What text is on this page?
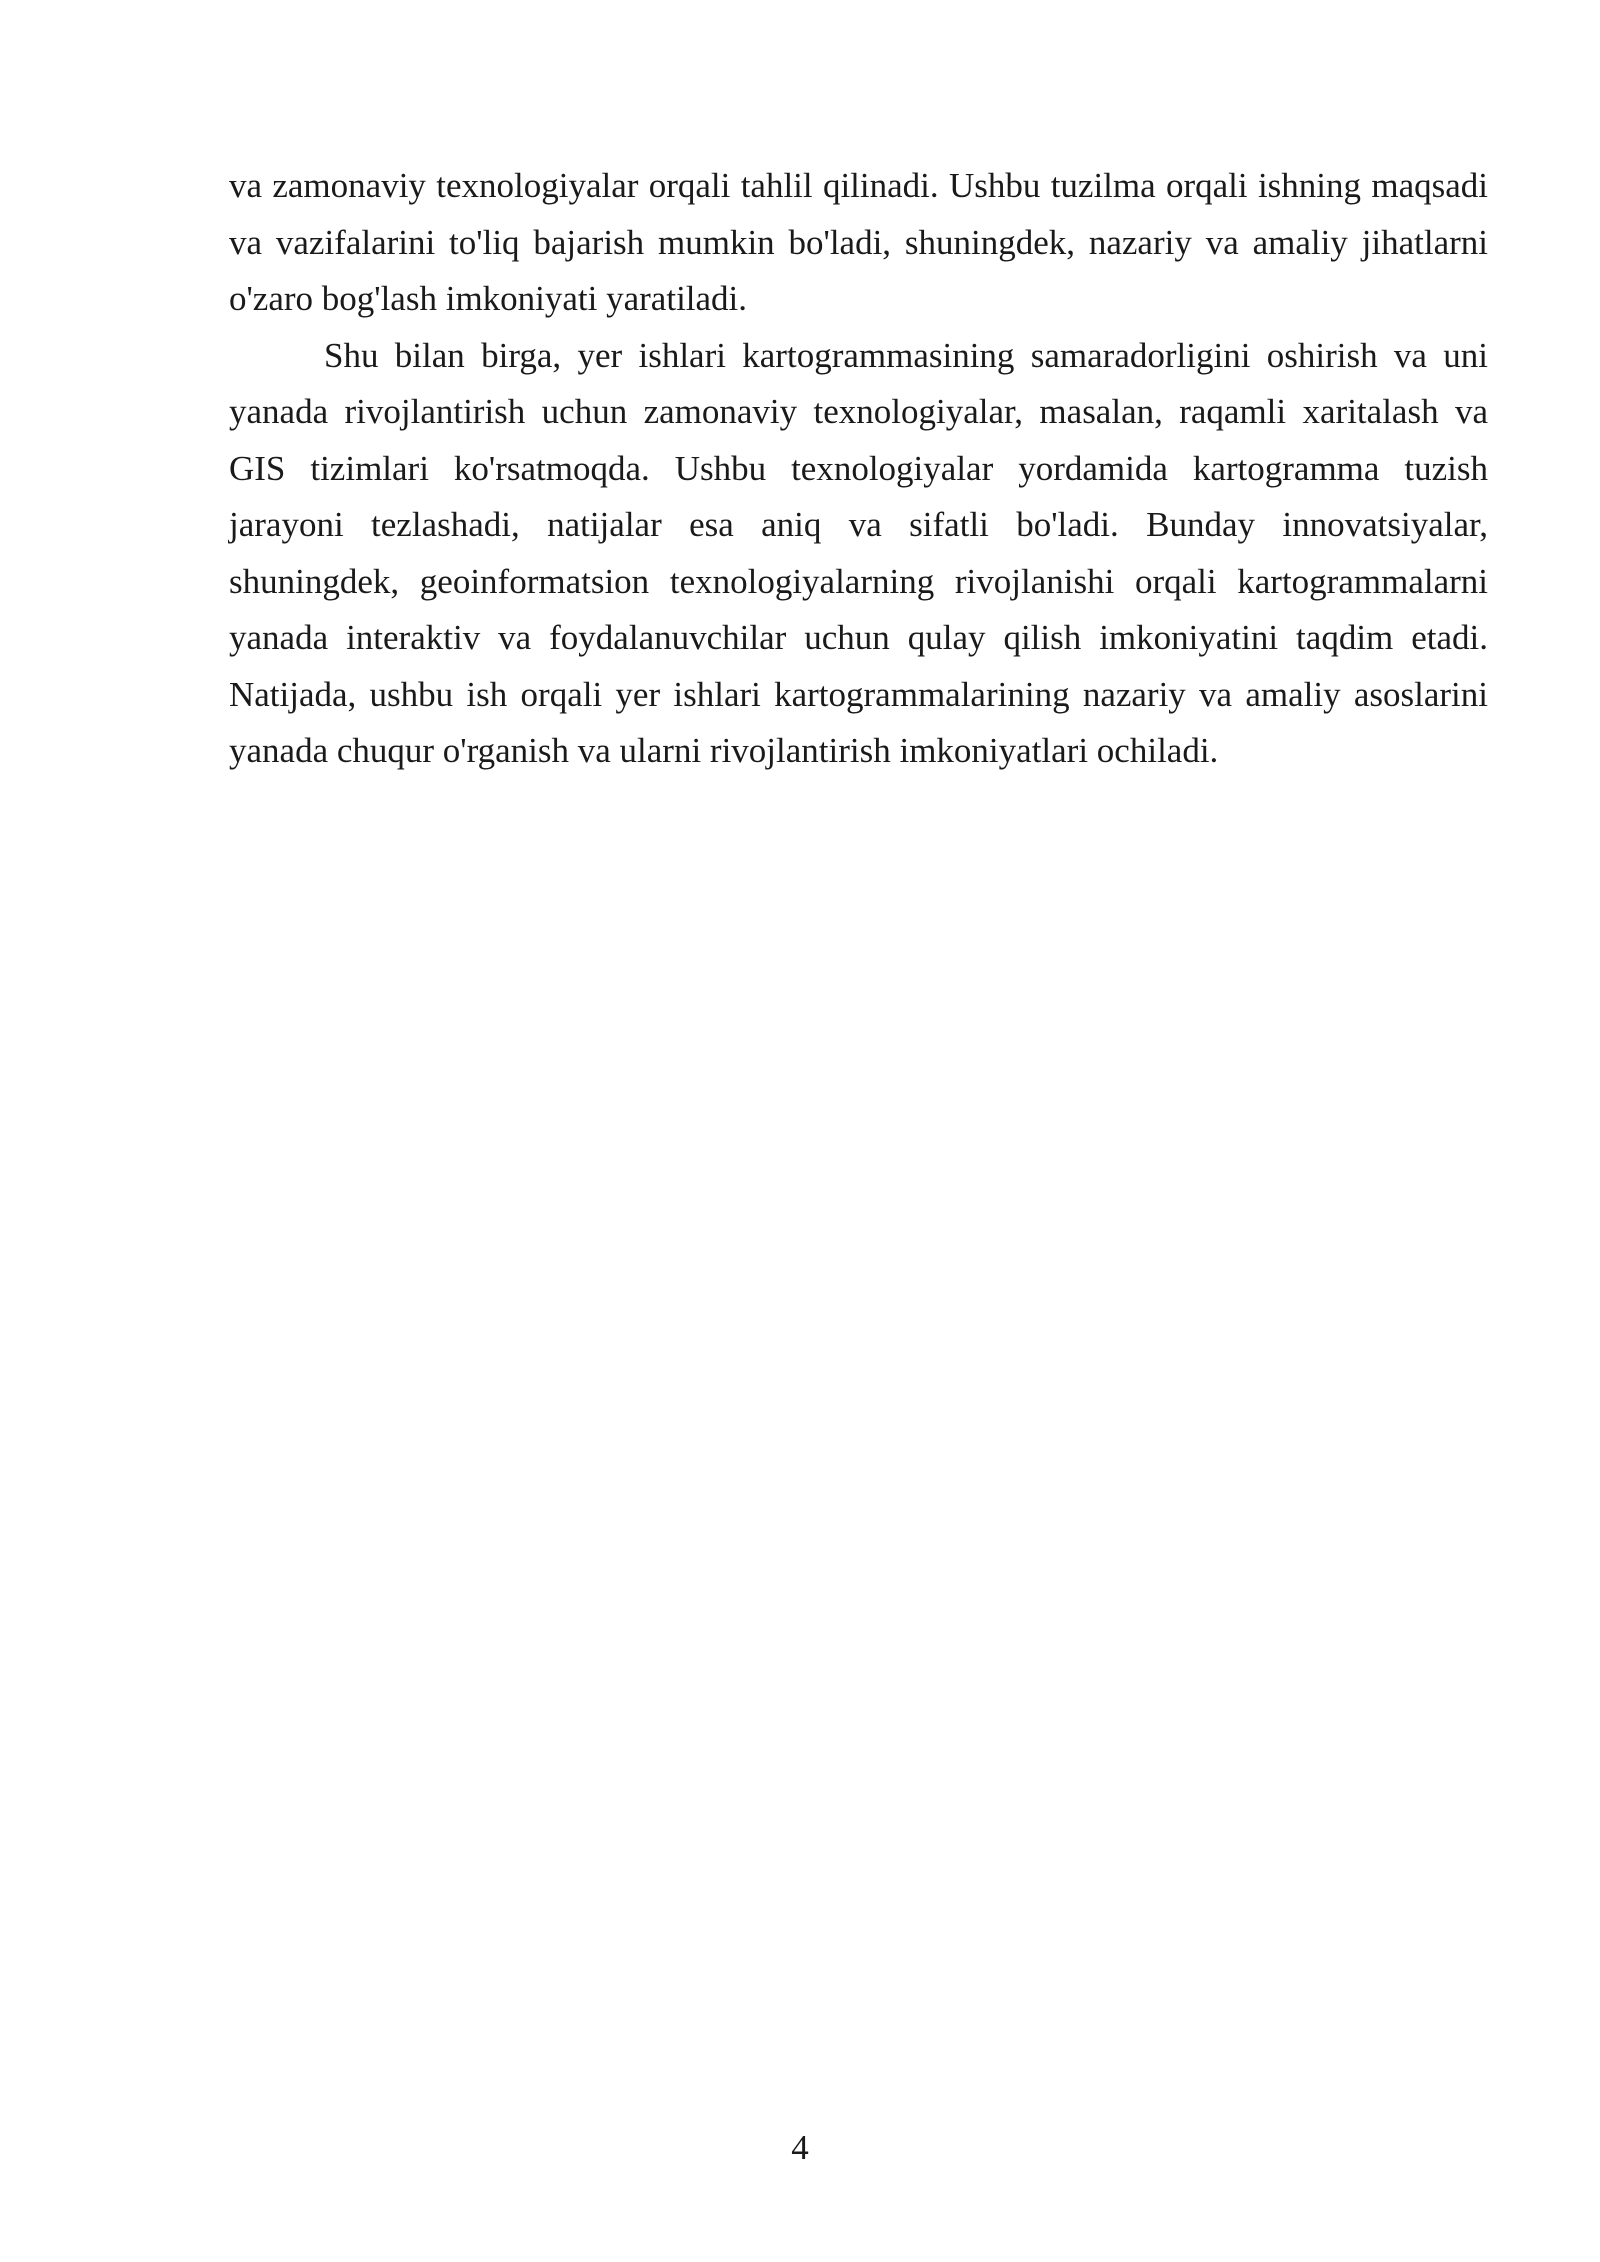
va zamonaviy texnologiyalar orqali tahlil qilinadi. Ushbu tuzilma orqali ishning maqsadi va vazifalarini to'liq bajarish mumkin bo'ladi, shuningdek, nazariy va amaliy jihatlarni o'zaro bog'lash imkoniyati yaratiladi.

Shu bilan birga, yer ishlari kartogrammasining samaradorligini oshirish va uni yanada rivojlantirish uchun zamonaviy texnologiyalar, masalan, raqamli xaritalash va GIS tizimlari ko'rsatmoqda. Ushbu texnologiyalar yordamida kartogramma tuzish jarayoni tezlashadi, natijalar esa aniq va sifatli bo'ladi. Bunday innovatsiyalar, shuningdek, geoinformatsion texnologiyalarning rivojlanishi orqali kartogrammalarni yanada interaktiv va foydalanuvchilar uchun qulay qilish imkoniyatini taqdim etadi. Natijada, ushbu ish orqali yer ishlari kartogrammalarining nazariy va amaliy asoslarini yanada chuqur o'rganish va ularni rivojlantirish imkoniyatlari ochiladi.

4
